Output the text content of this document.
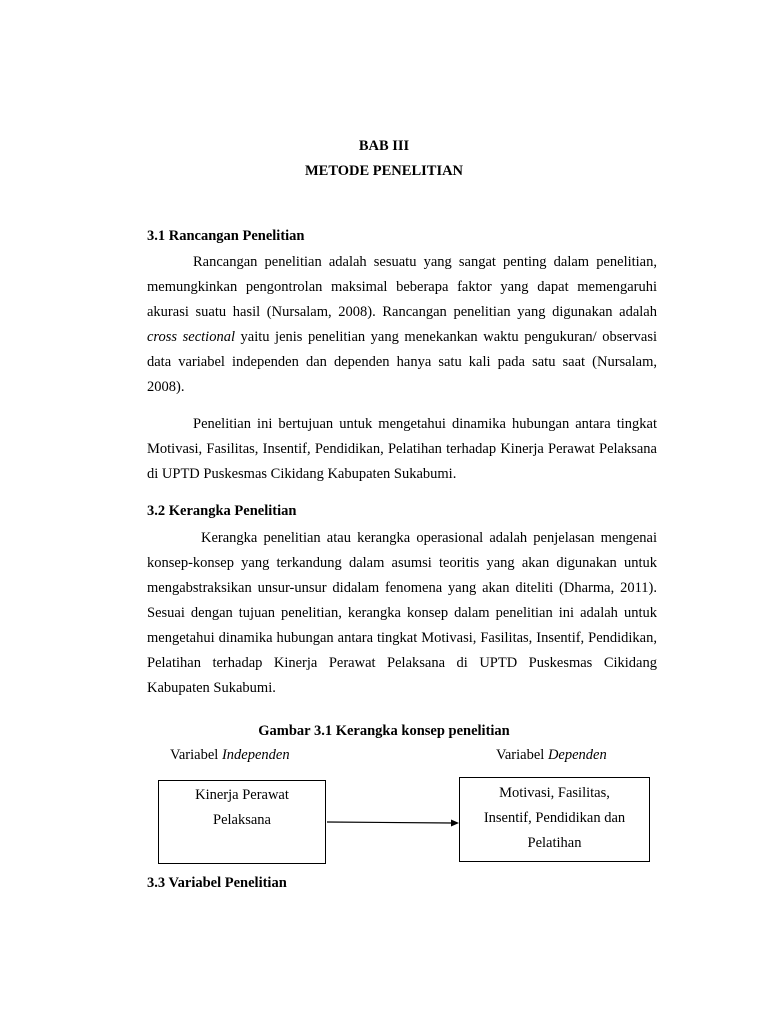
BAB III
METODE PENELITIAN
3.1 Rancangan Penelitian

Rancangan penelitian adalah sesuatu yang sangat penting dalam penelitian, memungkinkan pengontrolan maksimal beberapa faktor yang dapat memengaruhi akurasi suatu hasil (Nursalam, 2008). Rancangan penelitian yang digunakan adalah cross sectional yaitu jenis penelitian yang menekankan waktu pengukuran/ observasi data variabel independen dan dependen hanya satu kali pada satu saat (Nursalam, 2008).

Penelitian ini bertujuan untuk mengetahui dinamika hubungan antara tingkat Motivasi, Fasilitas, Insentif, Pendidikan, Pelatihan terhadap Kinerja Perawat Pelaksana di UPTD Puskesmas Cikidang Kabupaten Sukabumi.

3.2 Kerangka Penelitian

Kerangka penelitian atau kerangka operasional adalah penjelasan mengenai konsep-konsep yang terkandung dalam asumsi teoritis yang akan digunakan untuk mengabstraksikan unsur-unsur didalam fenomena yang akan diteliti (Dharma, 2011). Sesuai dengan tujuan penelitian, kerangka konsep dalam penelitian ini adalah untuk mengetahui dinamika hubungan antara tingkat Motivasi, Fasilitas, Insentif, Pendidikan, Pelatihan terhadap Kinerja Perawat Pelaksana di UPTD Puskesmas Cikidang Kabupaten Sukabumi.

Gambar 3.1 Kerangka konsep penelitian
Variabel Independen	Variabel Dependen
Kinerja Perawat
Pelaksana
Motivasi, Fasilitas,
Insentif, Pendidikan dan
Pelatihan
3.3 Variabel Penelitian
